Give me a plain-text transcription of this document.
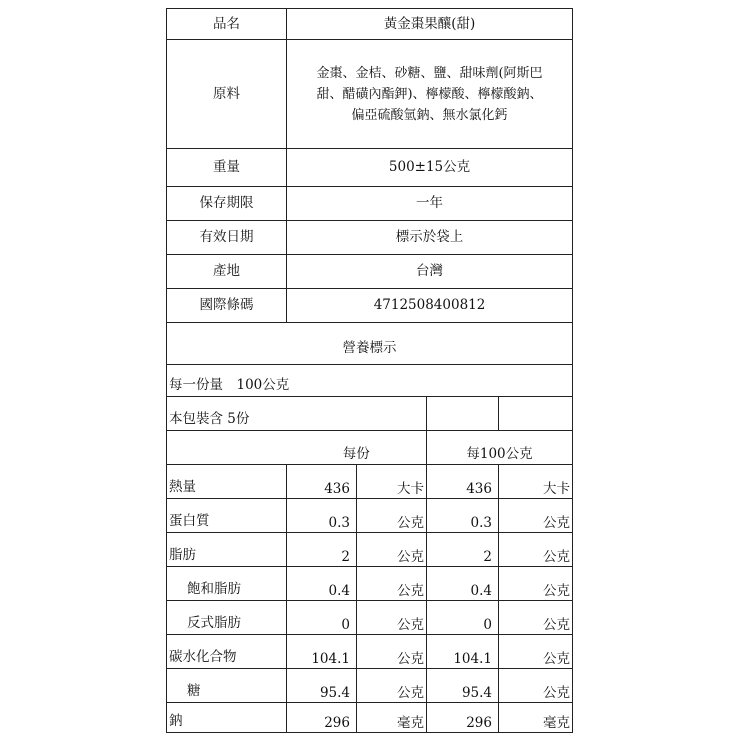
品名	黃金棗果釀(甜)			
原料	金棗、金桔、砂糖、鹽、甜味劑(阿斯巴
甜、醋磺內酯鉀)、檸檬酸、檸檬酸鈉、
偏亞硫酸氫鈉、無水氯化鈣			

重量	500±15公克			
保存期限	一年			
有效日期	標示於袋上			
產地	台灣			
國際條碼	4712508400812			
營養標示				
每一份量　100公克				
本包裝含 5份				
	每份		每100公克	
熱量	436	大卡	436	大卡
蛋白質	0.3	公克	0.3	公克
脂肪	2	公克	2	公克
飽和脂肪	0.4	公克	0.4	公克
反式脂肪	0	公克	0	公克
碳水化合物	104.1	公克	104.1	公克
糖	95.4	公克	95.4	公克
鈉	296	毫克	296	毫克
